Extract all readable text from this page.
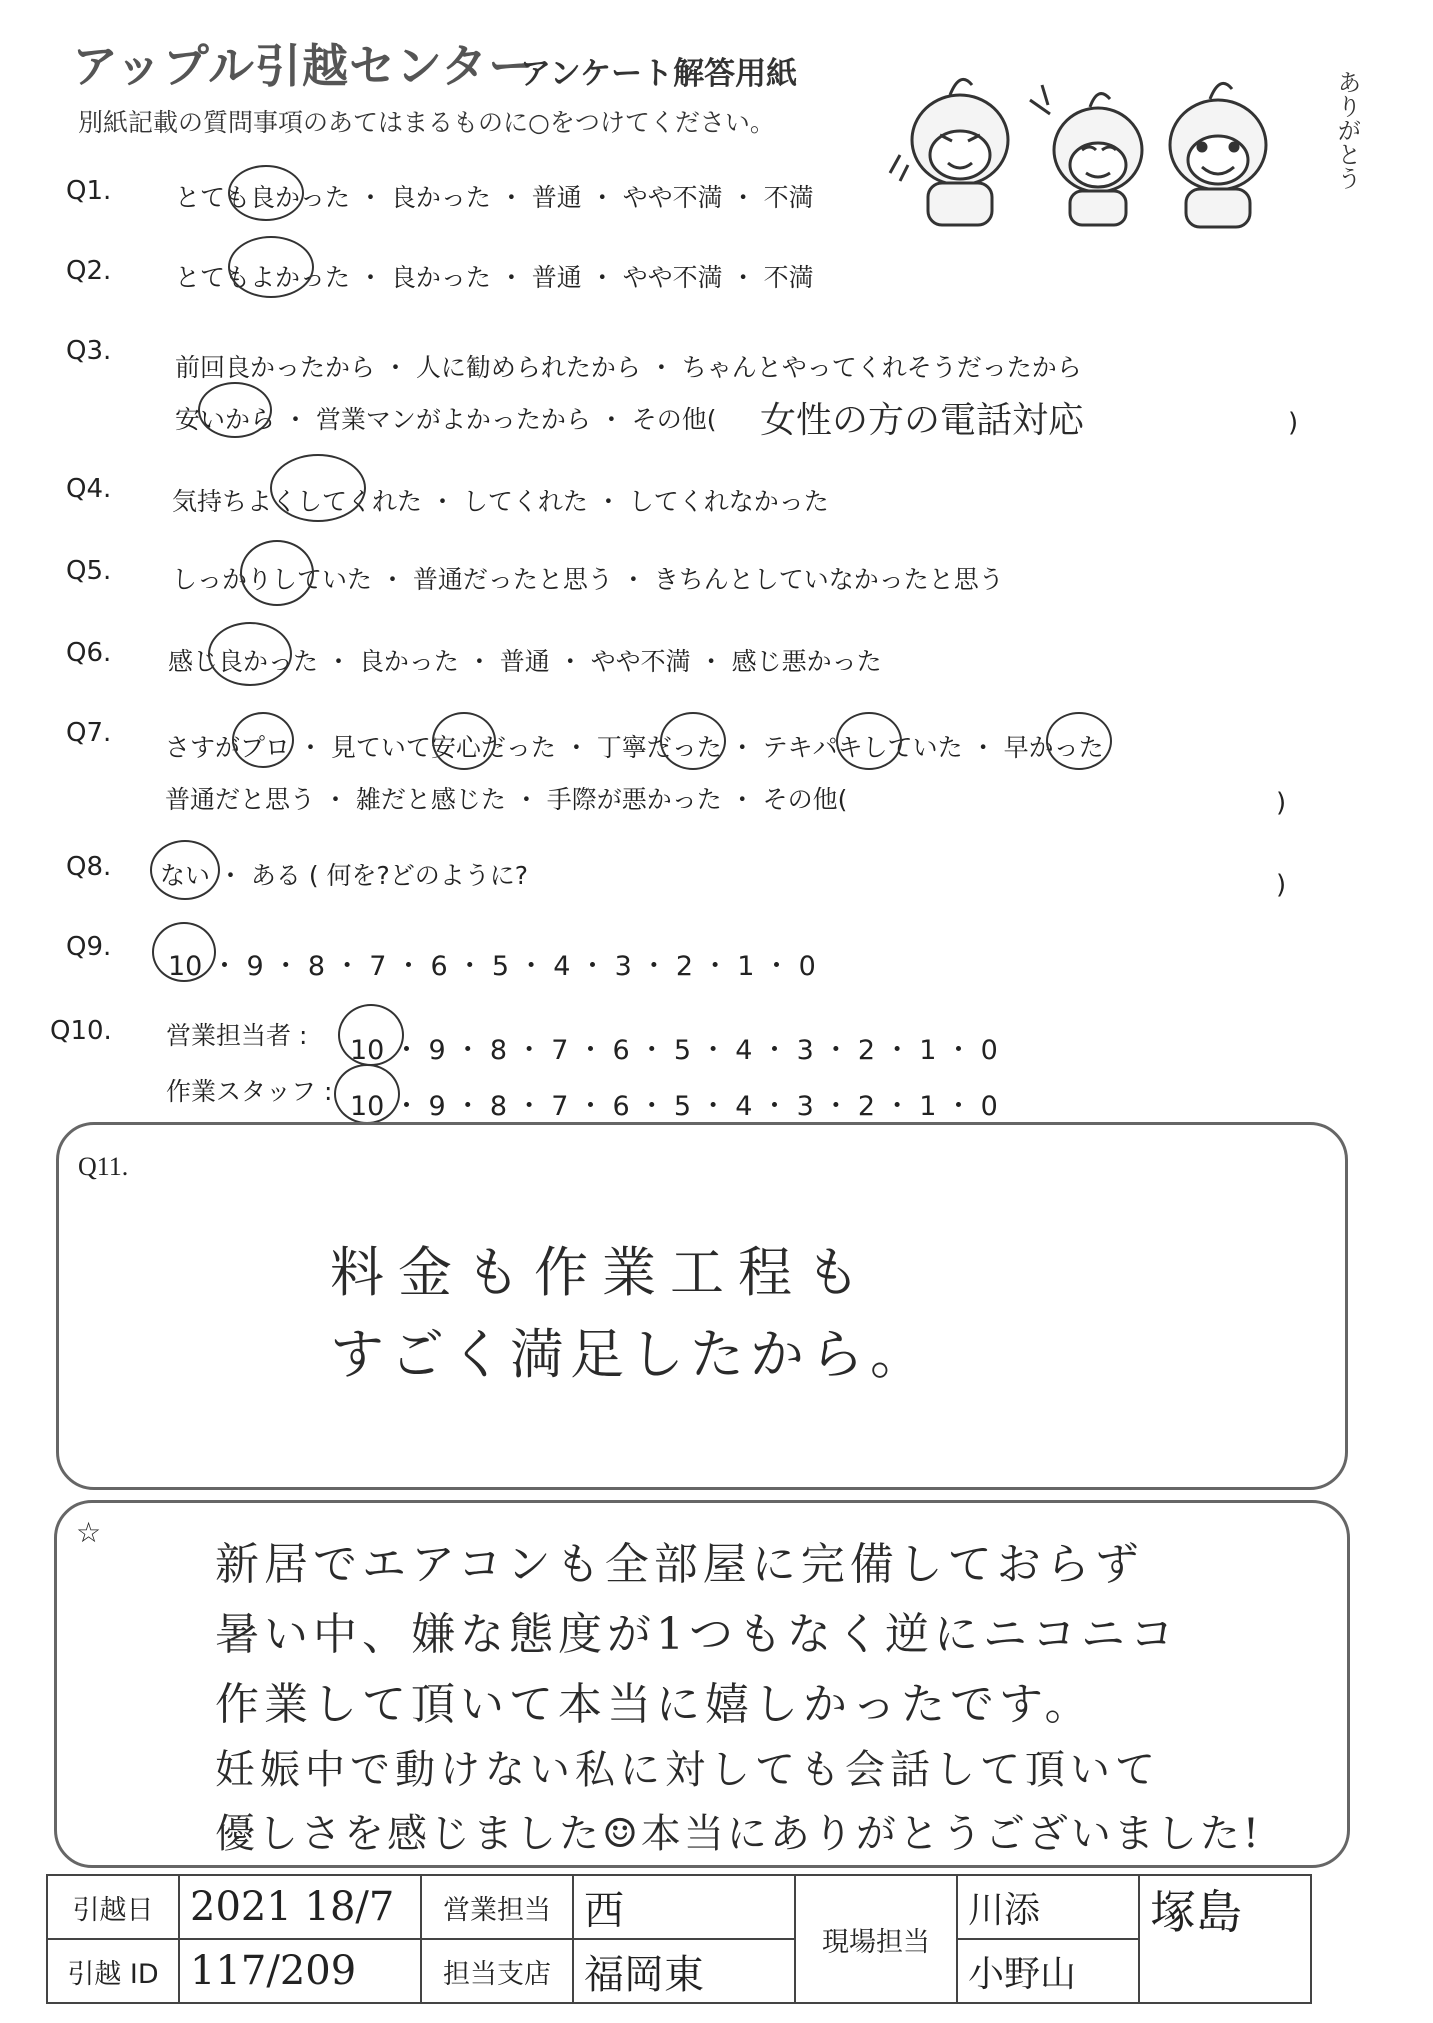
アップル引越センター
アンケート解答用紙
別紙記載の質問事項のあてはまるものに○をつけてください。	ありがとう
Q1.	とても良かった ・ 良かった ・ 普通 ・ やや不満 ・ 不満
Q2.	とてもよかった ・ 良かった ・ 普通 ・ やや不満 ・ 不満
Q3.
前回良かったから ・ 人に勧められたから ・ ちゃんとやってくれそうだったから
安いから ・ 営業マンがよかったから ・ その他( 女性の方の電話対応	)
Q4. 気持ちよくしてくれた ・ してくれた ・ してくれなかった
Q5. しっかりしていた ・ 普通だったと思う ・ きちんとしていなかったと思う
Q6. 感じ良かった ・ 良かった ・ 普通 ・ やや不満 ・ 感じ悪かった
Q7. さすがプロ ・ 見ていて安心だった ・ 丁寧だった ・ テキパキしていた ・ 早かった
普通だと思う ・ 雑だと感じた ・ 手際が悪かった ・ その他(	)
Q8. ない ・ ある ( 何を?どのように?	)
Q9.
10 ・ 9 ・ 8 ・ 7 ・ 6 ・ 5 ・ 4 ・ 3 ・ 2 ・ 1 ・ 0
Q10. 営業担当者 : 10 ・ 9 ・ 8 ・ 7 ・ 6 ・ 5 ・ 4 ・ 3 ・ 2 ・ 1 ・ 0
作業スタッフ : 10 ・ 9 ・ 8 ・ 7 ・ 6 ・ 5 ・ 4 ・ 3 ・ 2 ・ 1 ・ 0
Q11.
料金も作業工程も
すごく満足したから。
☆
新居でエアコンも全部屋に完備しておらず
暑い中、嫌な態度が1つもなく逆にニコニコ
作業して頂いて本当に嬉しかったです。
妊娠中で動けない私に対しても会話して頂いて
優しさを感じました☺本当にありがとうございました!
引越日	2021 18/7	営業担当	西	現場担当	川添	塚島
引越 ID	117/209	担当支店	福岡東		小野山	
